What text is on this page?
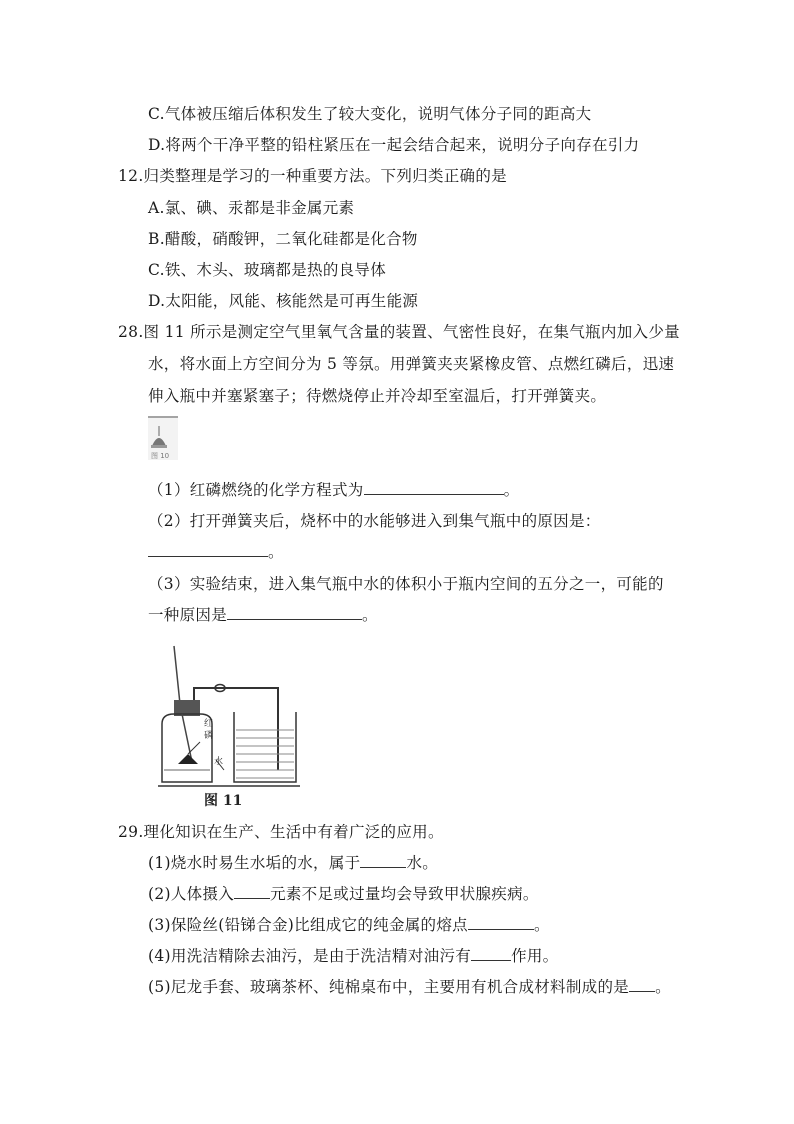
C.气体被压缩后体积发生了较大变化，说明气体分子同的距高大
D.将两个干净平整的铅柱紧压在一起会结合起来，说明分子向存在引力
12.归类整理是学习的一种重要方法。下列归类正确的是
A.氯、碘、汞都是非金属元素
B.醋酸，硝酸钾，二氧化硅都是化合物
C.铁、木头、玻璃都是热的良导体
D.太阳能，风能、核能然是可再生能源
28.图 11 所示是测定空气里氧气含量的装置、气密性良好，在集气瓶内加入少量
水，将水面上方空间分为 5 等氛。用弹簧夹夹紧橡皮管、点燃红磷后，迅速
伸入瓶中并塞紧塞子；待燃烧停止并冷却至室温后，打开弹簧夹。
图 10
（1）红磷燃绕的化学方程式为	。
（2）打开弹簧夹后，烧杯中的水能够进入到集气瓶中的原因是：
。
（3）实验结束，进入集气瓶中水的体积小于瓶内空间的五分之一，可能的
一种原因是	。
红
磷
水
图 11
29.理化知识在生产、生活中有着广泛的应用。
(1)烧水时易生水垢的水，属于	水。
(2)人体摄入 元素不足或过量均会导致甲状腺疾病。
(3)保险丝(铅锑合金)比组成它的纯金属的熔点	。
(4)用洗洁精除去油污，是由于洗洁精对油污有	作用。
(5)尼龙手套、玻璃茶杯、纯棉桌布中，主要用有机合成材料制成的是 。
